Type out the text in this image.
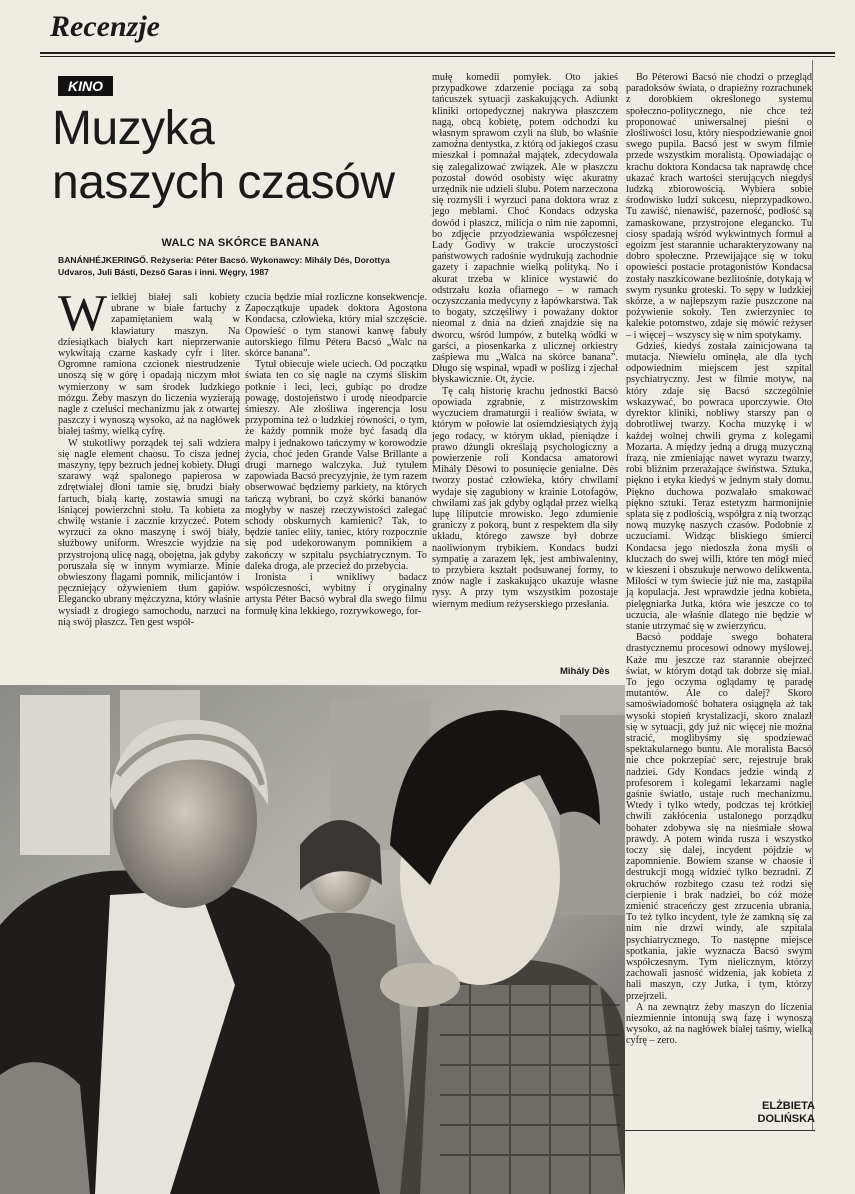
Recenzje
KINO
Muzyka
naszych czasów
WALC NA SKÓRCE BANANA
BANÁNHÉJKERINGŐ. Reżyseria: Péter Bacsó. Wykonawcy: Mihály Dés, Dorottya Udvaros, Juli Básti, Dezső Garas i inni. Węgry, 1987

Wielkiej białej sali kobiety ubrane w białe fartuchy z zapamiętaniem walą w klawiatury maszyn. Na dziesiątkach białych kart nieprzerwanie wykwitają czarne kaskady cyfr i liter. Ogromne ramiona czcionek niestrudzenie unoszą się w górę i opadają niczym młot wymierzony w sam środek ludzkiego mózgu. Żeby maszyn do liczenia wyzierają nagle z czeluści mechanizmu jak z otwartej paszczy i wynoszą wysoko, aż na nagłówek białej taśmy, wielką cyfrę.

W stukotliwy porządek tej sali wdziera się nagle element chaosu. To cisza jednej maszyny, tępy bezruch jednej kobiety. Długi szarawy wąż spalonego papierosa w zdrętwiałej dłoni tamie się, brudzi biały fartuch, białą kartę, zostawia smugi na lśniącej powierzchni stołu. Ta kobieta za chwilę wstanie i zacznie krzyczeć. Potem wyrzuci za okno maszynę i swój biały, służbowy uniform. Wreszcie wyjdzie na przystrojoną ulicę nagą, obojętna, jak gdyby poruszała się w innym wymiarze. Minie obwieszony flagami pomnik, milicjantów i pęczniejący ożywieniem tłum gapiów. Elegancko ubrany mężczyzna, który właśnie wysiadł z drogiego samochodu, narzuci na nią swój płaszcz. Ten gest współ-

czucia będzie miał rozliczne konsekwencje. Zapoczątkuje upadek doktora Agostona Kondacsa, człowieka, który miał szczęście. Opowieść o tym stanowi kanwę fabuły autorskiego filmu Pétera Bacsó „Walc na skórce banana”.

Tytuł obiecuje wiele uciech. Od początku świata ten co się nagle na czymś śliskim potknie i leci, leci, gubiąc po drodze powagę, dostojeństwo i urodę nieodparcie śmieszy. Ale złośliwa ingerencja losu przypomina też o ludzkiej równości, o tym, że każdy pomnik może być fasadą dla małpy i jednakowo tańczymy w korowodzie życia, choć jeden Grande Valse Brillante a drugi marnego walczyka. Już tytułem zapowiada Bacsó precyzyjnie, że tym razem obserwować będziemy parkiety, na których tańczą wybrani, bo czyż skórki bananów mogłyby w naszej rzeczywistości zalegać schody obskurnych kamienic? Tak, to będzie taniec elity, taniec, który rozpocznie się pod udekorowanym pomnikiem a zakończy w szpitalu psychiatrycznym. To daleka droga, ale przecież do przebycia.

Ironista i wnikliwy badacz współczesności, wybitny i oryginalny artysta Péter Bacsó wybrał dla swego filmu formułę kina lekkiego, rozrywkowego, for-

mułę komedii pomyłek. Oto jakieś przypadkowe zdarzenie pociąga za sobą tańcuszek sytuacji zaskakujących. Adiunkt kliniki ortopedycznej nakrywa płaszczem nagą, obcą kobietę, potem odchodzi ku własnym sprawom czyli na ślub, bo właśnie zamożna dentystka, z którą od jakiegoś czasu mieszkał i pomnażał majątek, zdecydowała się zalegalizować związek. Ale w płaszczu pozostał dowód osobisty więc akuratny urzędnik nie udzieli ślubu. Potem narzeczona się rozmyśli i wyrzuci pana doktora wraz z jego meblami. Choć Kondacs odzyska dowód i płaszcz, milicja o nim nie zapomni, bo zdjęcie przyodziewania współczesnej Lady Godivy w trakcie uroczystości państwowych radośnie wydrukują zachodnie gazety i zapachnie wielką polityką. No i akurat trzeba w klinice wystawić do odstrzału kozła ofiarnego – w ramach oczyszczania medycyny z łapówkarstwa. Tak to bogaty, szczęśliwy i poważany doktor nieomal z dnia na dzień znajdzie się na dworcu, wśród lumpów, z butelką wódki w garści, a piosenkarka z ulicznej orkiestry zaśpiewa mu „Walca na skórce banana”. Długo się wspinał, wpadł w poślizg i zjechał błyskawicznie. Ot, życie.

Tę całą historię krachu jednostki Bacsó opowiada zgrabnie, z mistrzowskim wyczuciem dramaturgii i realiów świata, w którym w połowie lat osiemdziesiątych żyją jego rodacy, w którym układ, pieniądze i prawo dżungli określają psychologiczny a powierzenie roli Kondacsa amatorowi Mihály Dèsowi to posunięcie genialne. Dès tworzy postać człowieka, który chwilami wydaje się zagubiony w krainie Lotofagów, chwilami zaś jak gdyby oglądał przez wielką lupę liliputcie mrowisko. Jego zdumienie graniczy z pokorą, bunt z respektem dla siły układu, którego zawsze był dobrze naoliwionym trybikiem. Kondacs budzi sympatię a zarazem lęk, jest ambiwalentny, to przybiera kształt podsuwanej formy, to znów nagle i zaskakująco ukazuje własne rysy. A przy tym wszystkim pozostaje wiernym medium reżyserskiego przesłania.

Mihály Dès

Bo Péterowi Bacsó nie chodzi o przegląd paradoksów świata, o drapieżny rozrachunek z dorobkiem określonego systemu społeczno-politycznego, nie chce też proponować uniwersalnej pieśni o złośliwości losu, który niespodziewanie gnoi swego pupila. Bacsó jest w swym filmie przede wszystkim moralistą. Opowiadając o krachu doktora Kondacsa tak naprawdę chce ukazać krach wartości sterujących niegdyś ludzką zbiorowością. Wybiera sobie środowisko ludzi sukcesu, nieprzypadkowo. Tu zawiść, nienawiść, pazerność, podłość są zamaskowane, przystrojone elegancko. Tu ciosy spadają wśród wykwintnych formuł a egoizm jest starannie ucharakteryzowany na dobro społeczne. Przewijające się w toku opowieści postacie protagonistów Kondacsa zostały naszkicowane bezlitośnie, dotykają w swym rysunku groteski. To sępy w ludzkiej skórze, a w najlepszym razie puszczone na pożywienie sokoły. Ten zwierzyniec to kalekie potomstwo, zdaje się mówić reżyser – i więcej – wszyscy się w nim spotykamy.

Gdzieś, kiedyś została zainicjowana ta mutacja. Niewielu ominęła, ale dla tych odpowiednim miejscem jest szpital psychiatryczny. Jest w filmie motyw, na który zdaje się Bacsó szczególnie wskazywać, bo powraca uporczywie. Oto dyrektor kliniki, nobliwy starszy pan o dobrotliwej twarzy. Kocha muzykę i w każdej wolnej chwili gryma z kolegami Mozarta. A między jedną a drugą muzyczną frazą, nie zmieniając nawet wyrazu twarzy, robi bliźnim przerażające świństwa. Sztuka, piękno i etyka kiedyś w jednym stały domu. Piękno duchowa pozwalało smakować piękno sztuki. Teraz estetyzm harmonijnie splata się z podłością, współgra z nią tworząc nową muzykę naszych czasów. Podobnie z uczuciami. Widząc bliskiego śmierci Kondacsa jego niedoszła żona myśli o kluczach do swej willi, które ten mógł mieć w kieszeni i obszukuje nerwowo delikwenta. Miłości w tym świecie już nie ma, zastąpiła ją kopulacja. Jest wprawdzie jedna kobieta, pielęgniarka Jutka, która wie jeszcze co to uczucia, ale właśnie dlatego nie będzie w stanie utrzymać się w zwierzyńcu.

Bacsó poddaje swego bohatera drastycznemu procesowi odnowy myślowej. Każe mu jeszcze raz starannie obejrzeć świat, w którym dotąd tak dobrze się miał. To jego oczyma oglądamy tę paradę mutantów. Ale co dalej? Skoro samoświadomość bohatera osiągnęła aż tak wysoki stopień krystalizacji, skoro znalazł się w sytuacji, gdy już nic więcej nie można stracić, moglibyśmy się spodziewać spektakularnego buntu. Ale moralista Bacsó nie chce pokrzepiać serc, rejestruje brak nadziei. Gdy Kondacs jedzie windą z profesorem i kolegami lekarzami nagle gaśnie światło, ustaje ruch mechanizmu. Wtedy i tylko wtedy, podczas tej krótkiej chwili zakłócenia ustalonego porządku bohater zdobywa się na nieśmiałe słowa prawdy. A potem winda rusza i wszystko toczy się dalej, incydent pójdzie w zapomnienie. Bowiem szanse w chaosie i destrukcji mogą widzieć tylko bezradni. Z okruchów rozbitego czasu też rodzi się cierpienie i brak nadziei, bo cóż może zmienić straceńczy gest zrzucenia ubrania. To też tylko incydent, tyle że zamkną się za nim nie drzwi windy, ale szpitala psychiatrycznego. To następne miejsce spotkania, jakie wyznacza Bacsó swym współczesnym. Tym nielicznym, którzy zachowali jasność widzenia, jak kobieta z hali maszyn, czy Jutka, i tym, którzy przejrzeli.

A na zewnątrz żeby maszyn do liczenia niezmiennie intonują swą fazę i wynoszą wysoko, aż na nagłówek białej taśmy, wielką cyfrę – zero.

ELŻBIETA
DOLIŃSKA
